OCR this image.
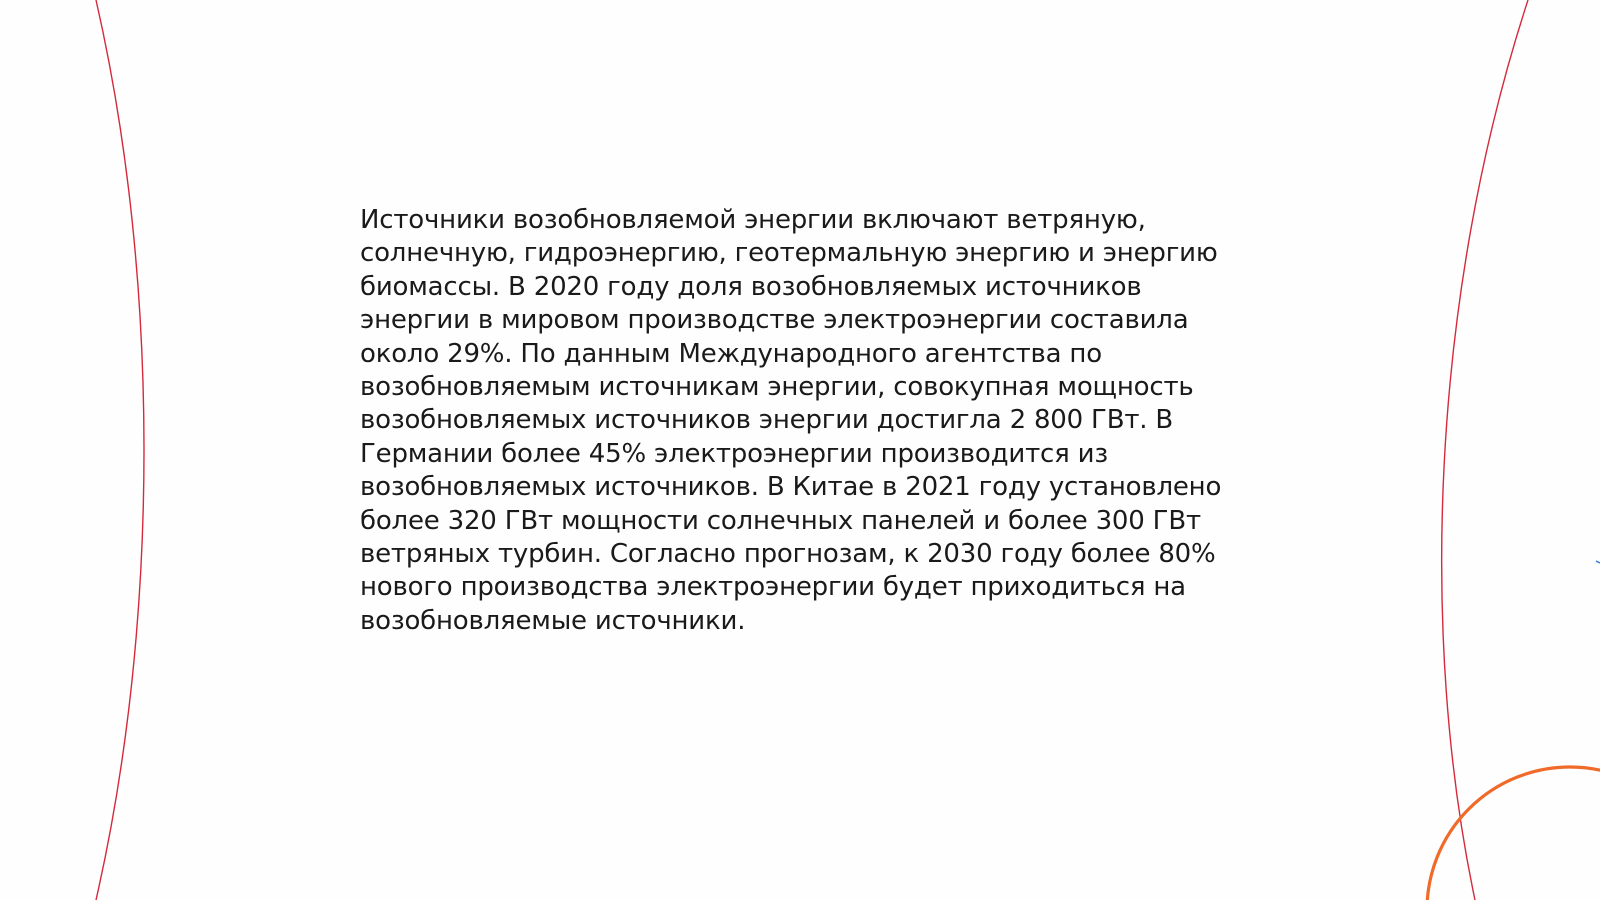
Источники возобновляемой энергии включают ветряную,
солнечную, гидроэнергию, геотермальную энергию и энергию
биомассы. В 2020 году доля возобновляемых источников
энергии в мировом производстве электроэнергии составила
около 29%. По данным Международного агентства по
возобновляемым источникам энергии, совокупная мощность
возобновляемых источников энергии достигла 2 800 ГВт. В
Германии более 45% электроэнергии производится из
возобновляемых источников. В Китае в 2021 году установлено
более 320 ГВт мощности солнечных панелей и более 300 ГВт
ветряных турбин. Согласно прогнозам, к 2030 году более 80%
нового производства электроэнергии будет приходиться на
возобновляемые источники.
